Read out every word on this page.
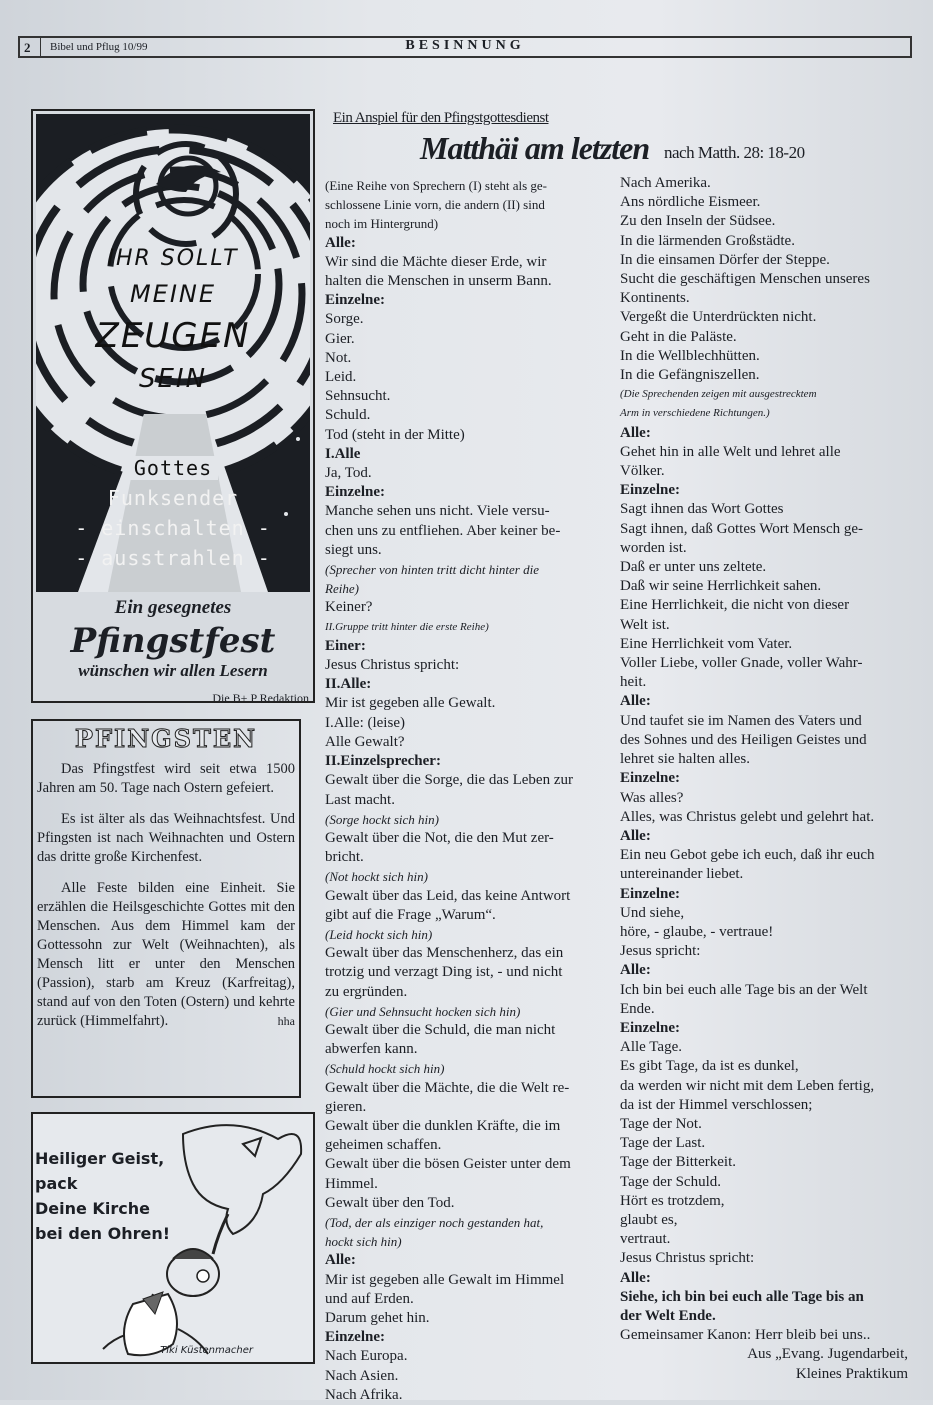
2 Bibel und Pflug 10/99	BESINNUNG
IHR SOLLT
MEINE
ZEUGEN
SEIN
Gottes
Funksender
- einschalten -
- ausstrahlen -
Ein gesegnetes
Pfingstfest
wünschen wir allen Lesern
Die B+ P Redaktion
PFINGSTEN

Das Pfingstfest wird seit etwa 1500 Jahren am 50. Tage nach Ostern gefeiert.

Es ist älter als das Weihnachtsfest. Und Pfingsten ist nach Weihnachten und Ostern das dritte große Kirchenfest.

Alle Feste bilden eine Einheit. Sie erzählen die Heilsgeschichte Gottes mit den Menschen. Aus dem Himmel kam der Gottessohn zur Welt (Weihnachten), als Mensch litt er unter den Menschen (Passion), starb am Kreuz (Karfreitag), stand auf von den Toten (Ostern) und kehrte zurück (Himmelfahrt).	hha

Heiliger Geist,
pack
Deine Kirche
bei den Ohren!
Tiki Küstenmacher
Ein Anspiel für den Pfingstgottesdienst
Matthäi am letzten nach Matth. 28: 18-20
(Eine Reihe von Sprechern (I) steht als ge-
schlossene Linie vorn, die andern (II) sind
noch im Hintergrund)
Alle:
Wir sind die Mächte dieser Erde, wir
halten die Menschen in unserm Bann.
Einzelne:
Sorge.
Gier.
Not.
Leid.
Sehnsucht.
Schuld.
Tod (steht in der Mitte)
I.Alle
Ja, Tod.
Einzelne:
Manche sehen uns nicht. Viele versu-
chen uns zu entfliehen. Aber keiner be-
siegt uns.
(Sprecher von hinten tritt dicht hinter die
Reihe)
Keiner?
II.Gruppe tritt hinter die erste Reihe)
Einer:
Jesus Christus spricht:
II.Alle:
Mir ist gegeben alle Gewalt.
I.Alle: (leise)
Alle Gewalt?
II.Einzelsprecher:
Gewalt über die Sorge, die das Leben zur
Last macht.
(Sorge hockt sich hin)
Gewalt über die Not, die den Mut zer-
bricht.
(Not hockt sich hin)
Gewalt über das Leid, das keine Antwort
gibt auf die Frage „Warum“.
(Leid hockt sich hin)
Gewalt über das Menschenherz, das ein
trotzig und verzagt Ding ist, - und nicht
zu ergründen.
(Gier und Sehnsucht hocken sich hin)
Gewalt über die Schuld, die man nicht
abwerfen kann.
(Schuld hockt sich hin)
Gewalt über die Mächte, die die Welt re-
gieren.
Gewalt über die dunklen Kräfte, die im
geheimen schaffen.
Gewalt über die bösen Geister unter dem
Himmel.
Gewalt über den Tod.
(Tod, der als einziger noch gestanden hat,
hockt sich hin)
Alle:
Mir ist gegeben alle Gewalt im Himmel
und auf Erden.
Darum gehet hin.
Einzelne:
Nach Europa.
Nach Asien.
Nach Afrika.
Nach Amerika.
Ans nördliche Eismeer.
Zu den Inseln der Südsee.
In die lärmenden Großstädte.
In die einsamen Dörfer der Steppe.
Sucht die geschäftigen Menschen unseres
Kontinents.
Vergeßt die Unterdrückten nicht.
Geht in die Paläste.
In die Wellblechhütten.
In die Gefängniszellen.
(Die Sprechenden zeigen mit ausgestrecktem
Arm in verschiedene Richtungen.)
Alle:
Gehet hin in alle Welt und lehret alle
Völker.
Einzelne:
Sagt ihnen das Wort Gottes
Sagt ihnen, daß Gottes Wort Mensch ge-
worden ist.
Daß er unter uns zeltete.
Daß wir seine Herrlichkeit sahen.
Eine Herrlichkeit, die nicht von dieser
Welt ist.
Eine Herrlichkeit vom Vater.
Voller Liebe, voller Gnade, voller Wahr-
heit.
Alle:
Und taufet sie im Namen des Vaters und
des Sohnes und des Heiligen Geistes und
lehret sie halten alles.
Einzelne:
Was alles?
Alles, was Christus gelebt und gelehrt hat.
Alle:
Ein neu Gebot gebe ich euch, daß ihr euch
untereinander liebet.
Einzelne:
Und siehe,
höre, - glaube, - vertraue!
Jesus spricht:
Alle:
Ich bin bei euch alle Tage bis an der Welt
Ende.
Einzelne:
Alle Tage.
Es gibt Tage, da ist es dunkel,
da werden wir nicht mit dem Leben fertig,
da ist der Himmel verschlossen;
Tage der Not.
Tage der Last.
Tage der Bitterkeit.
Tage der Schuld.
Hört es trotzdem,
glaubt es,
vertraut.
Jesus Christus spricht:
Alle:
Siehe, ich bin bei euch alle Tage bis an
der Welt Ende.
Gemeinsamer Kanon: Herr bleib bei uns..
Aus „Evang. Jugendarbeit,
Kleines Praktikum
